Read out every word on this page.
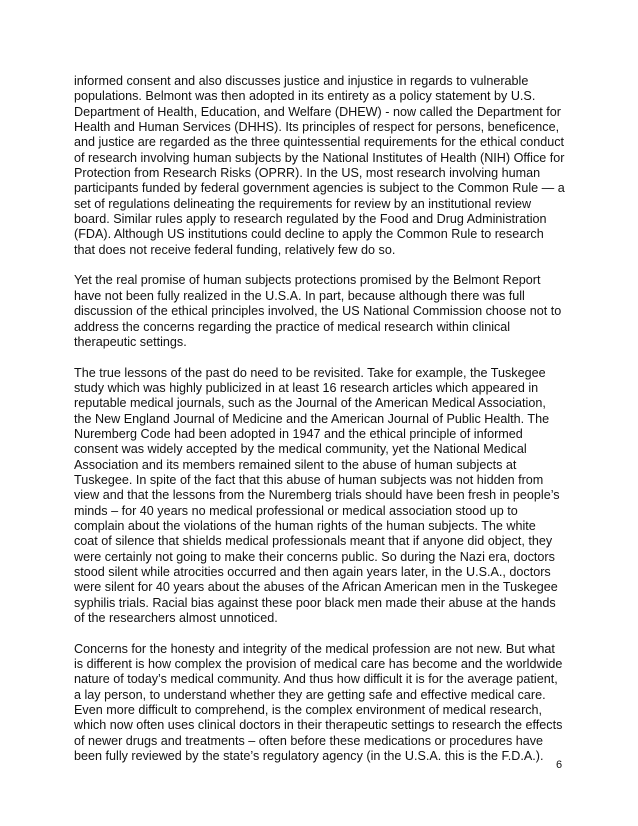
informed consent and also discusses justice and injustice in regards to vulnerable
populations. Belmont was then adopted in its entirety as a policy statement by U.S.
Department of Health, Education, and Welfare (DHEW) - now called the Department for
Health and Human Services (DHHS). Its principles of respect for persons, beneficence,
and justice are regarded as the three quintessential requirements for the ethical conduct
of research involving human subjects by the National Institutes of Health (NIH) Office for
Protection from Research Risks (OPRR). In the US, most research involving human
participants funded by federal government agencies is subject to the Common Rule — a
set of regulations delineating the requirements for review by an institutional review
board. Similar rules apply to research regulated by the Food and Drug Administration
(FDA). Although US institutions could decline to apply the Common Rule to research
that does not receive federal funding, relatively few do so.

Yet the real promise of human subjects protections promised by the Belmont Report
have not been fully realized in the U.S.A. In part, because although there was full
discussion of the ethical principles involved, the US National Commission choose not to
address the concerns regarding the practice of medical research within clinical
therapeutic settings.

The true lessons of the past do need to be revisited. Take for example, the Tuskegee
study which was highly publicized in at least 16 research articles which appeared in
reputable medical journals, such as the Journal of the American Medical Association,
the New England Journal of Medicine and the American Journal of Public Health. The
Nuremberg Code had been adopted in 1947 and the ethical principle of informed
consent was widely accepted by the medical community, yet the National Medical
Association and its members remained silent to the abuse of human subjects at
Tuskegee. In spite of the fact that this abuse of human subjects was not hidden from
view and that the lessons from the Nuremberg trials should have been fresh in people’s
minds – for 40 years no medical professional or medical association stood up to
complain about the violations of the human rights of the human subjects. The white
coat of silence that shields medical professionals meant that if anyone did object, they
were certainly not going to make their concerns public. So during the Nazi era, doctors
stood silent while atrocities occurred and then again years later, in the U.S.A., doctors
were silent for 40 years about the abuses of the African American men in the Tuskegee
syphilis trials. Racial bias against these poor black men made their abuse at the hands
of the researchers almost unnoticed.

Concerns for the honesty and integrity of the medical profession are not new. But what
is different is how complex the provision of medical care has become and the worldwide
nature of today’s medical community. And thus how difficult it is for the average patient,
a lay person, to understand whether they are getting safe and effective medical care.
Even more difficult to comprehend, is the complex environment of medical research,
which now often uses clinical doctors in their therapeutic settings to research the effects
of newer drugs and treatments – often before these medications or procedures have
been fully reviewed by the state’s regulatory agency (in the U.S.A. this is the F.D.A.).

6
